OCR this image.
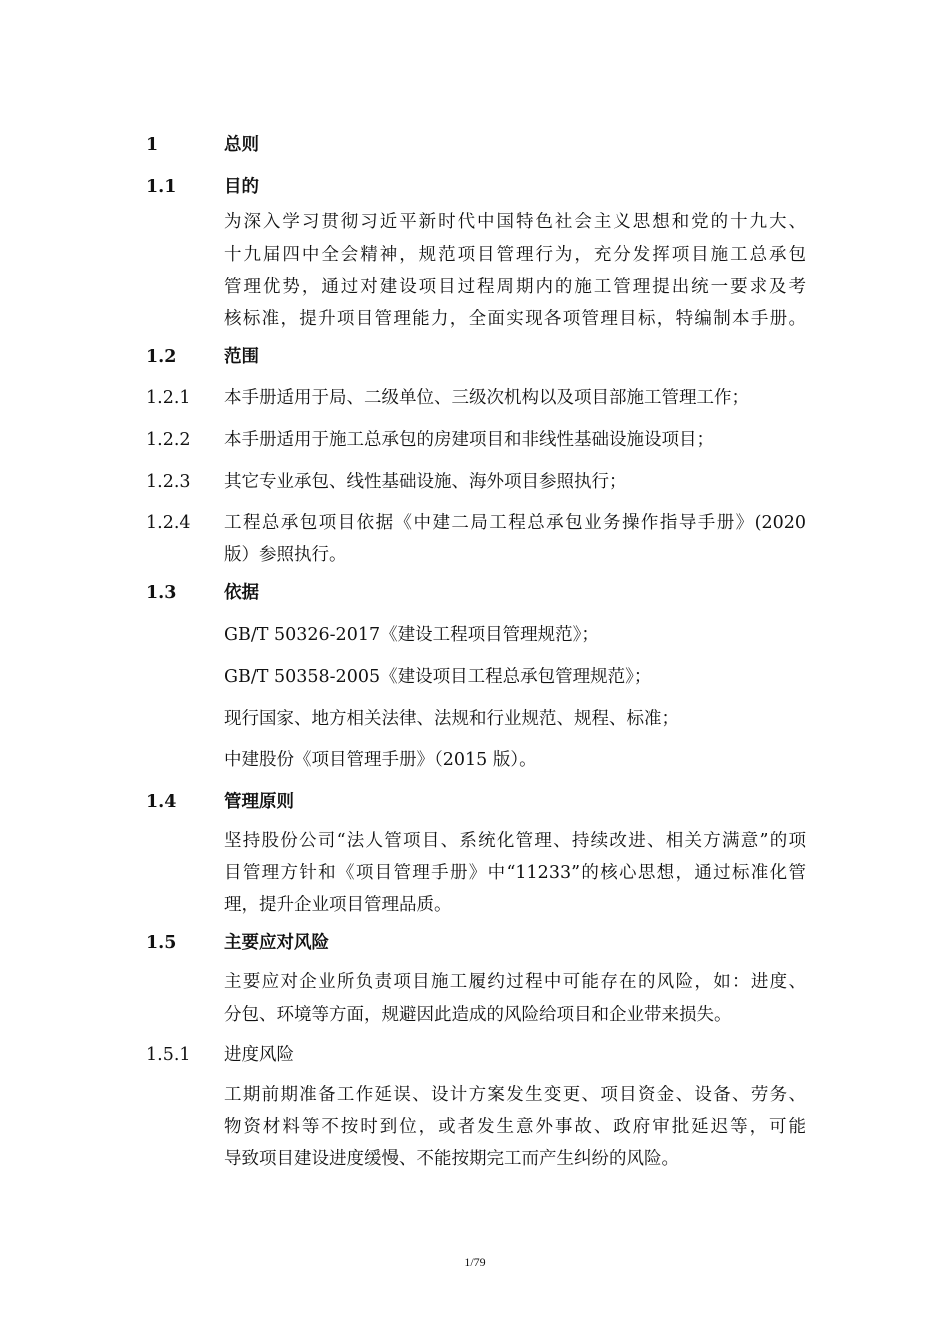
1	总则
1.1	目的
为深入学习贯彻习近平新时代中国特色社会主义思想和党的十九大、
十九届四中全会精神，规范项目管理行为，充分发挥项目施工总承包
管理优势，通过对建设项目过程周期内的施工管理提出统一要求及考
核标准，提升项目管理能力，全面实现各项管理目标，特编制本手册。
1.2	范围
1.2.1 本手册适用于局、二级单位、三级次机构以及项目部施工管理工作；
1.2.2 本手册适用于施工总承包的房建项目和非线性基础设施设项目；
1.2.3 其它专业承包、线性基础设施、海外项目参照执行；
1.2.4 工程总承包项目依据《中建二局工程总承包业务操作指导手册》(2020
版）参照执行。
1.3	依据
GB/T 50326-2017《建设工程项目管理规范》；
GB/T 50358-2005《建设项目工程总承包管理规范》；
现行国家、地方相关法律、法规和行业规范、规程、标准；
中建股份《项目管理手册》（2015 版）。
1.4	管理原则
坚持股份公司“法人管项目、系统化管理、持续改进、相关方满意”的项
目管理方针和《项目管理手册》中“11233”的核心思想，通过标准化管
理，提升企业项目管理品质。
1.5	主要应对风险
主要应对企业所负责项目施工履约过程中可能存在的风险，如：进度、
分包、环境等方面，规避因此造成的风险给项目和企业带来损失。
1.5.1 进度风险
工期前期准备工作延误、设计方案发生变更、项目资金、设备、劳务、
物资材料等不按时到位，或者发生意外事故、政府审批延迟等，可能
导致项目建设进度缓慢、不能按期完工而产生纠纷的风险。
1/79
